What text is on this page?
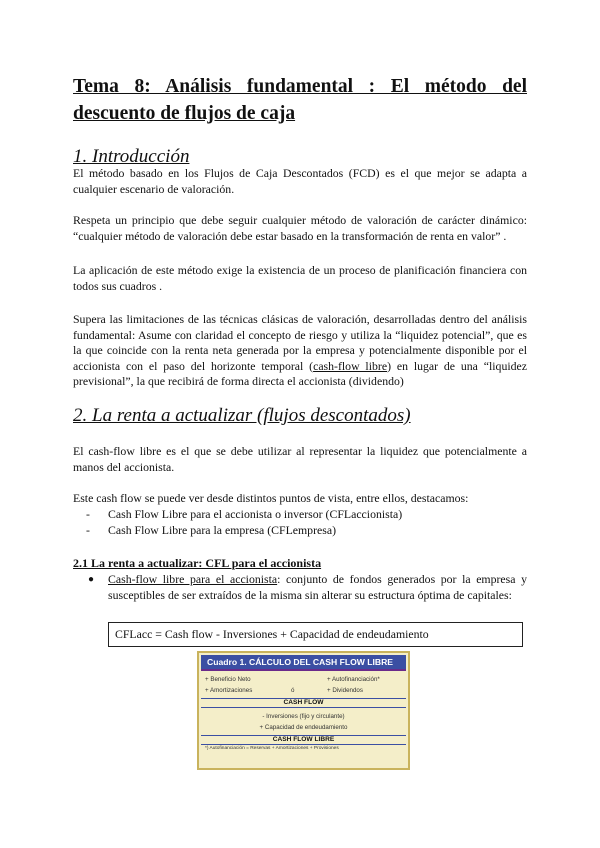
Tema 8: Análisis fundamental : El método del
descuento de flujos de caja
1. Introducción

El método basado en los Flujos de Caja Descontados (FCD) es el que mejor se adapta a cualquier escenario de valoración.

Respeta un principio que debe seguir cualquier método de valoración de carácter dinámico: “cualquier método de valoración debe estar basado en la transformación de renta en valor” .

La aplicación de este método exige la existencia de un proceso de planificación financiera con todos sus cuadros .

Supera las limitaciones de las técnicas clásicas de valoración, desarrolladas dentro del análisis fundamental: Asume con claridad el concepto de riesgo y utiliza la “liquidez potencial”, que es la que coincide con la renta neta generada por la empresa y potencialmente disponible por el accionista con el paso del horizonte temporal (cash-flow libre) en lugar de una “liquidez previsional”, la que recibirá de forma directa el accionista (dividendo)

2. La renta a actualizar (flujos descontados)

El cash-flow libre es el que se debe utilizar al representar la liquidez que potencialmente a manos del accionista.

Este cash flow se puede ver desde distintos puntos de vista, entre ellos, destacamos:

- Cash Flow Libre para el accionista o inversor (CFLaccionista)
- Cash Flow Libre para la empresa (CFLempresa)
2.1 La renta a actualizar: CFL para el accionista
● Cash-flow libre para el accionista: conjunto de fondos generados por la empresa y susceptibles de ser extraídos de la misma sin alterar su estructura óptima de capitales:
CFLacc = Cash flow - Inversiones + Capacidad de endeudamiento
Cuadro 1. CÁLCULO DEL CASH FLOW LIBRE
+ Beneficio Neto	+ Autofinanciación*
+ Amortizaciones	ó	+ Dividendos
CASH FLOW
- Inversiones (fijo y circulante)
+ Capacidad de endeudamiento
CASH FLOW LIBRE
*) Autofinanciación = Reservas + Amortizaciones + Provisiones
